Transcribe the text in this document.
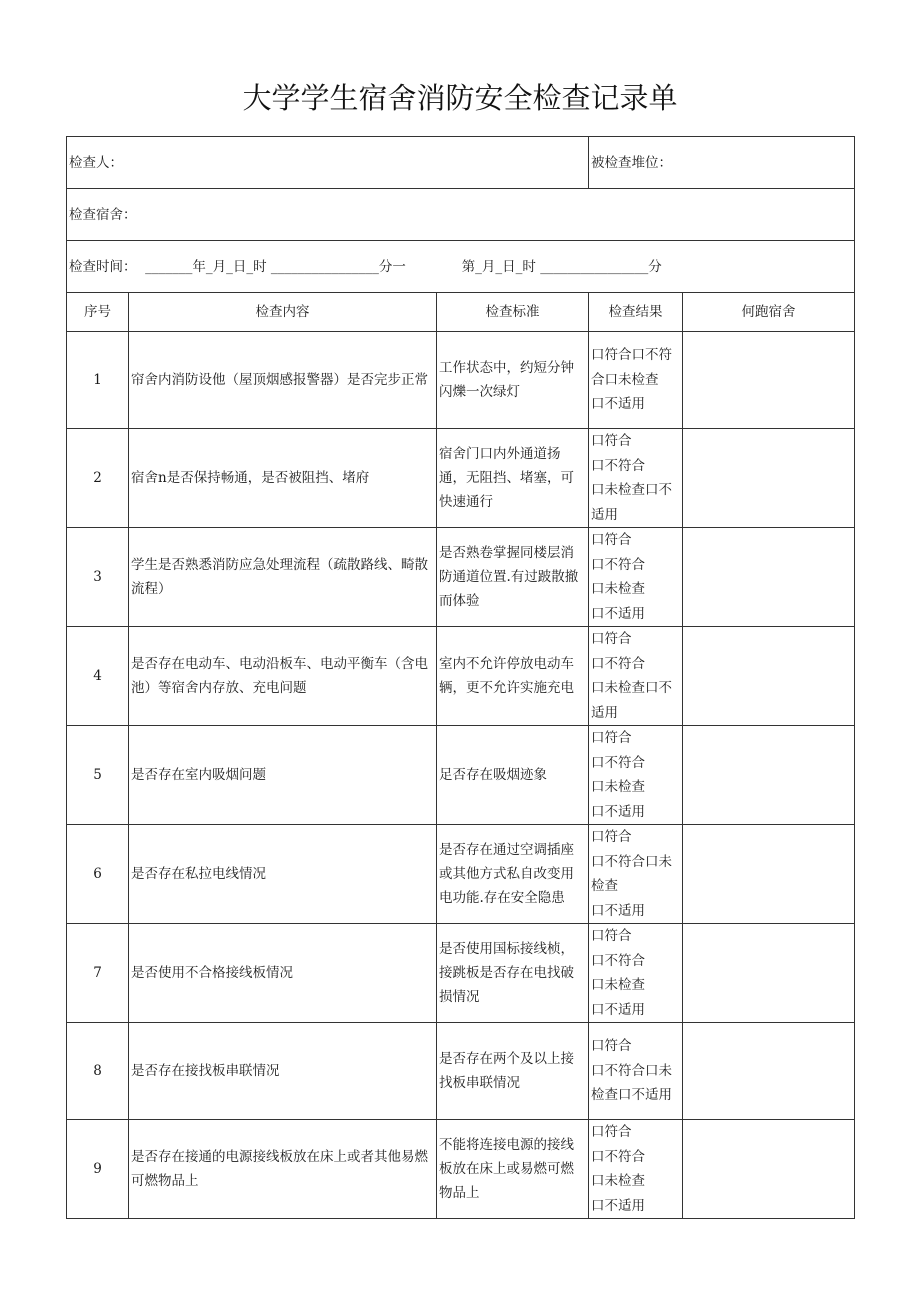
大学学生宿舍消防安全检查记录单
检查人：			被检查堆位：	
检查宿舍：				
检查时间：  _______年_月_日_时 ________________分一             第_月_日_时 ________________分				
序号	检查内容	检查标准	检查结果	何跑宿舍
1	帘舍内消防设他（屋顶烟感报警器）是否完步正常	工作状态中，约短分钟闪爍一次绿灯	口符合口不符
合口未检查
口不适用	

2	宿舍n是否保持畅通，是否被阻挡、堵府	宿舍门口内外通道扬通，无阻挡、堵塞，可快速通行	口符合
口不符合
口未检查口不
适用	

3	学生是否熟悉消防应急处理流程（疏散路线、畸散流程）	是否熟卷掌握同楼层消防通道位置.有过跛散撤而体验	口符合
口不符合
口未检查
口不适用	

4	是否存在电动车、电动沿板车、电动平衡车（含电池）等宿舍内存放、充电问题	室内不允许停放电动车辆，更不允许实施充电	口符合
口不符合
口未检查口不
适用	

5	是否存在室内吸烟问题	足否存在吸烟迹象	口符合
口不符合
口未检查
口不适用	

6	是否存在私拉电线情况	是否存在通过空调插座或其他方式私自改变用电功能.存在安全隐患	口符合
口不符合口未
检查
口不适用	

7	是否使用不合格接线板情况	是否使用国标接线桢，接跳板是否存在电找破损情况	口符合
口不符合
口未检查
口不适用	

8	是否存在接找板串联情况	是否存在两个及以上接找板串联情况	口符合
口不符合口未
检查口不适用	

9	是否存在接通的电源接线板放在床上或者其他易燃可燃物品上	不能将连接电源的接线板放在床上或易燃可燃物品上	口符合
口不符合
口未检查
口不适用	
